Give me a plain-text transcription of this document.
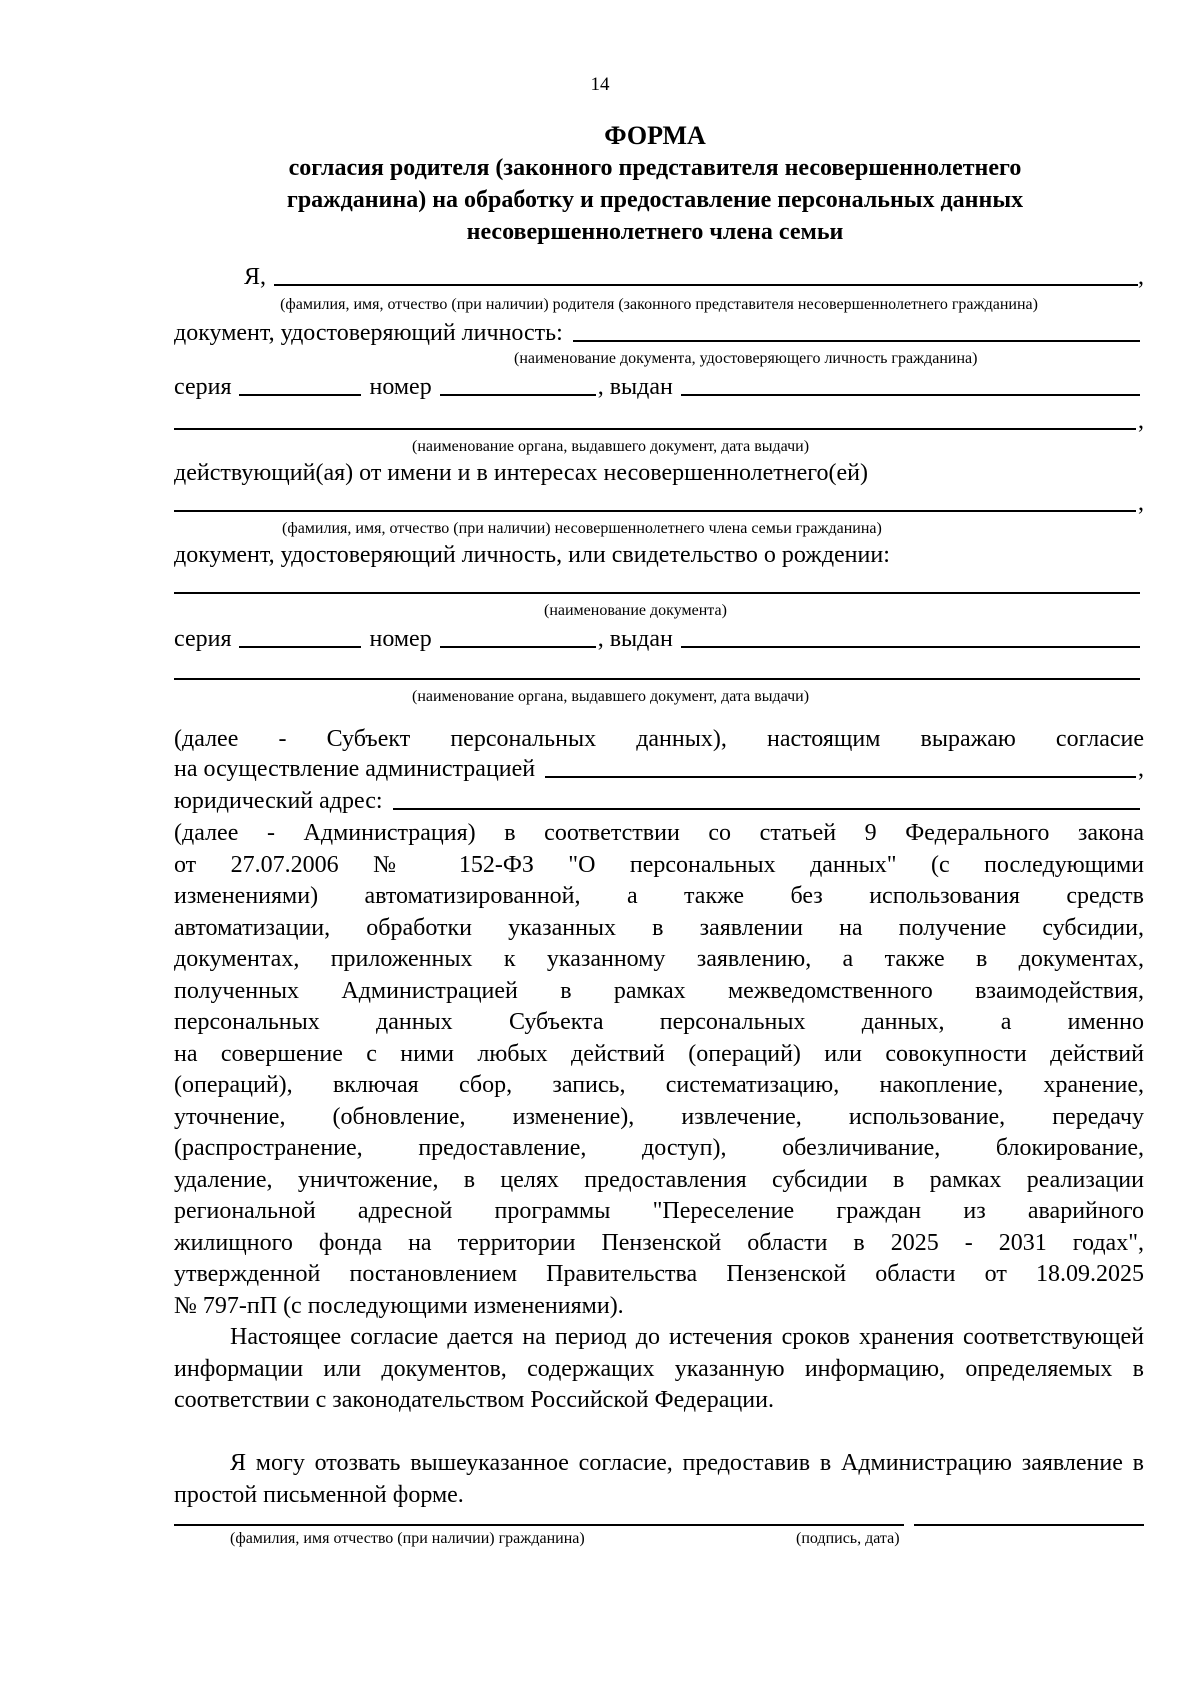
14
ФОРМА
согласия родителя (законного представителя несовершеннолетнего
гражданина) на обработку и предоставление персональных данных
несовершеннолетнего члена семьи
Я,	,
(фамилия, имя, отчество (при наличии) родителя (законного представителя несовершеннолетнего гражданина)
документ, удостоверяющий личность:
(наименование документа, удостоверяющего личность гражданина)
серия	номер	, выдан
,
(наименование органа, выдавшего документ, дата выдачи)
действующий(ая) от имени и в интересах несовершеннолетнего(ей)
,
(фамилия, имя, отчество (при наличии) несовершеннолетнего члена семьи гражданина)
документ, удостоверяющий личность, или свидетельство о рождении:
(наименование документа)
серия	номер	, выдан
(наименование органа, выдавшего документ, дата выдачи)
(далее - Субъект персональных данных), настоящим выражаю согласие
на осуществление администрацией	,
юридический адрес:
(далее - Администрация) в соответствии со статьей 9 Федерального закона
от 27.07.2006 № 152-ФЗ "О персональных данных" (с последующими
изменениями) автоматизированной, а также без использования средств
автоматизации, обработки указанных в заявлении на получение субсидии,
документах, приложенных к указанному заявлению, а также в документах,
полученных Администрацией в рамках межведомственного взаимодействия,
персональных данных Субъекта персональных данных, а именно
на совершение с ними любых действий (операций) или совокупности действий
(операций), включая сбор, запись, систематизацию, накопление, хранение,
уточнение, (обновление, изменение), извлечение, использование, передачу
(распространение, предоставление, доступ), обезличивание, блокирование,
удаление, уничтожение, в целях предоставления субсидии в рамках реализации
региональной адресной программы "Переселение граждан из аварийного
жилищного фонда на территории Пензенской области в 2025 - 2031 годах",
утвержденной постановлением Правительства Пензенской области от 18.09.2025
№ 797-пП (с последующими изменениями).
Настоящее согласие дается на период до истечения сроков хранения соответствующей информации или документов, содержащих указанную информацию, определяемых в соответствии с законодательством Российской Федерации.
Я могу отозвать вышеуказанное согласие, предоставив в Администрацию заявление в простой письменной форме.
(фамилия, имя отчество (при наличии) гражданина)	(подпись, дата)
